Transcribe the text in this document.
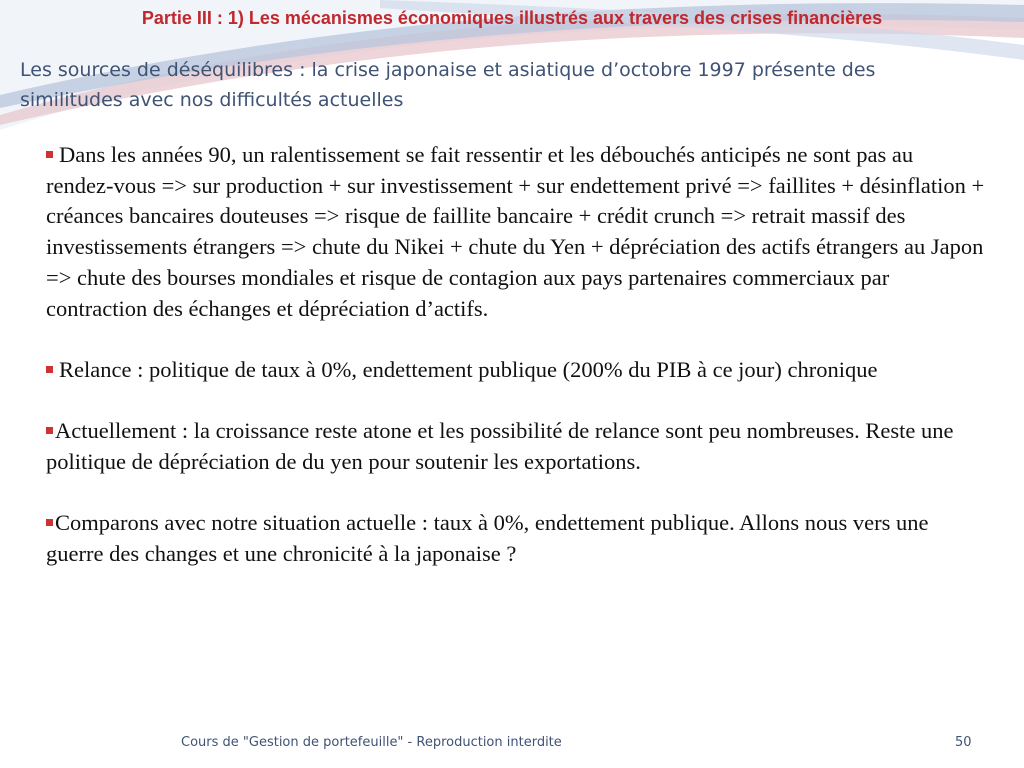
Partie III : 1) Les mécanismes économiques illustrés aux travers des crises financières
Les sources de déséquilibres : la crise japonaise et asiatique d’octobre 1997 présente des similitudes avec nos difficultés actuelles

Dans les années 90, un ralentissement se fait ressentir et les débouchés anticipés ne sont pas au rendez-vous => sur production + sur investissement + sur endettement privé => faillites + désinflation + créances bancaires douteuses => risque de faillite bancaire + crédit crunch => retrait massif des investissements étrangers => chute du Nikei + chute du Yen + dépréciation des actifs étrangers au Japon => chute des bourses mondiales et risque de contagion aux pays partenaires commerciaux par contraction des échanges et dépréciation d’actifs.

Relance : politique de taux à 0%, endettement publique (200% du PIB à ce jour) chronique

Actuellement : la croissance reste atone et les possibilité de relance sont peu nombreuses. Reste une politique de dépréciation de du yen pour soutenir les exportations.

Comparons avec notre situation actuelle : taux à 0%, endettement publique. Allons nous vers une guerre des changes et une chronicité à la japonaise ?

Cours de "Gestion de portefeuille" - Reproduction interdite	50
